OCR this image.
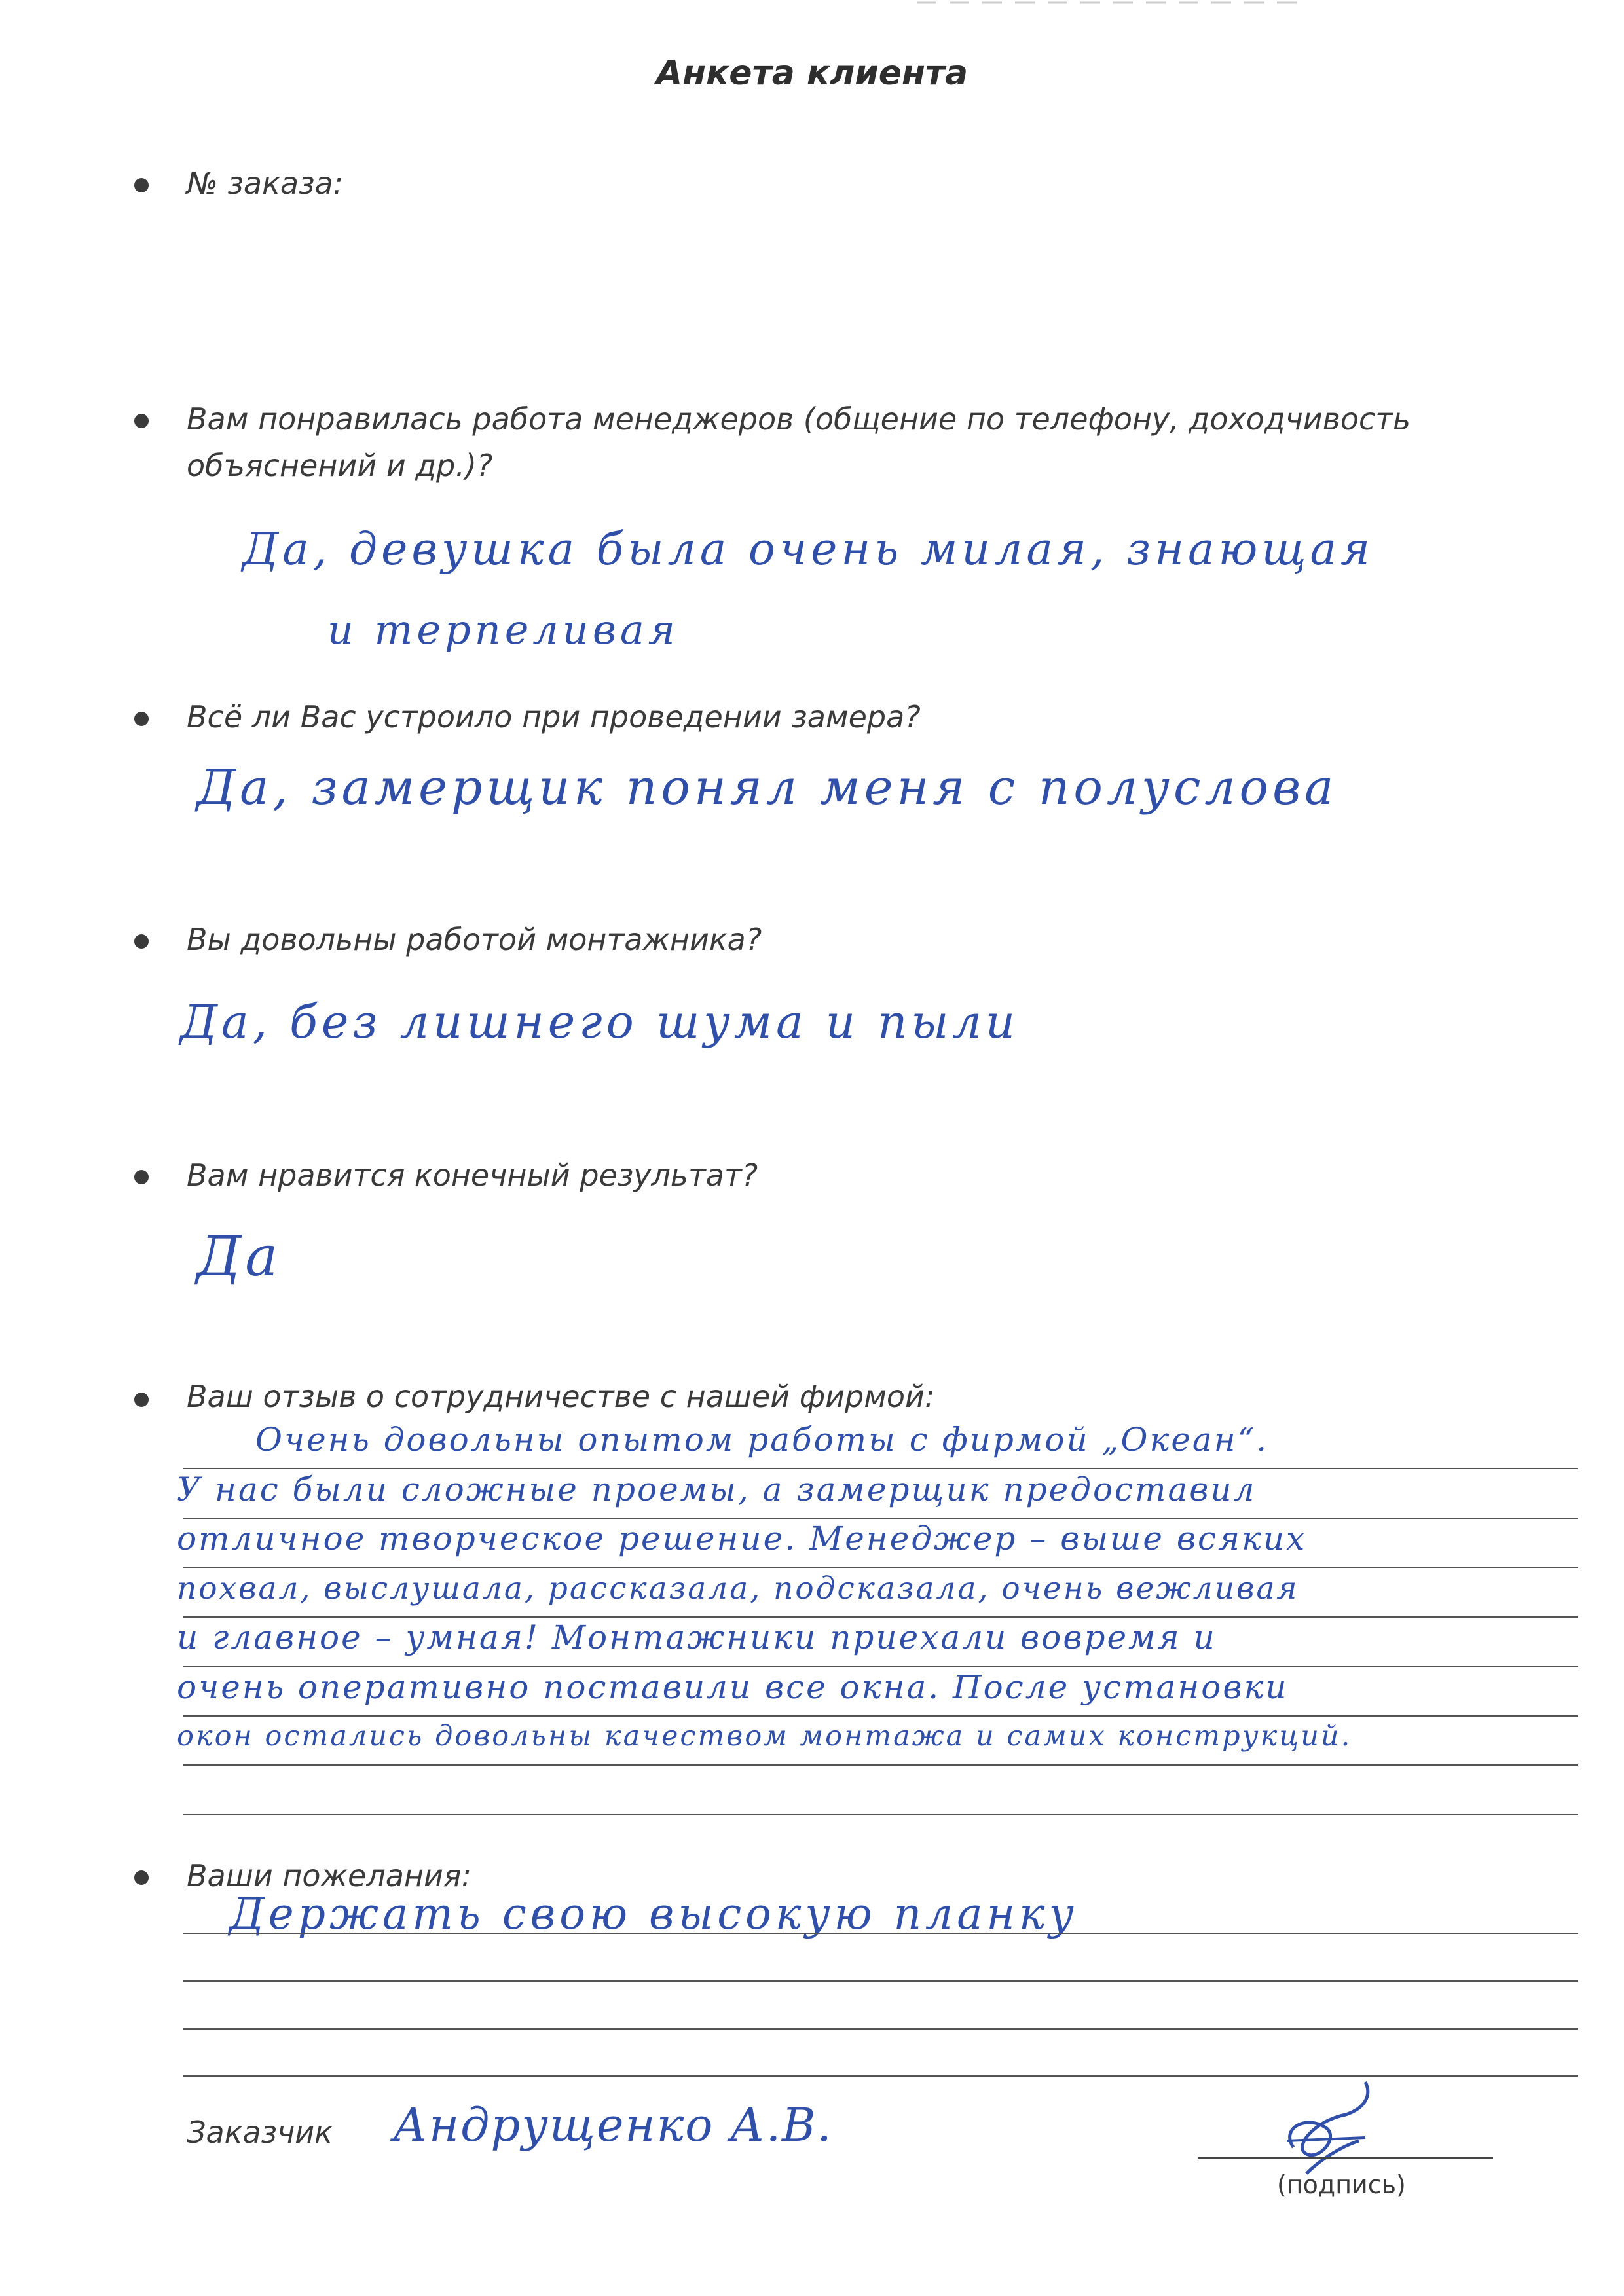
Анкета клиента
№ заказа:
Вам понравилась работа менеджеров (общение по телефону, доходчивость объяснений и др.)?
Да, девушка была очень милая, знающая
и терпеливая
Всё ли Вас устроило при проведении замера?
Да, замерщик понял меня с полуслова
Вы довольны работой монтажника?
Да, без лишнего шума и пыли
Вам нравится конечный результат?
Да
Ваш отзыв о сотрудничестве с нашей фирмой:
Очень довольны опытом работы с фирмой „Океан“.
У нас были сложные проемы, а замерщик предоставил
отличное творческое решение. Менеджер – выше всяких
похвал, выслушала, рассказала, подсказала, очень вежливая
и главное – умная! Монтажники приехали вовремя и
очень оперативно поставили все окна. После установки
окон остались довольны качеством монтажа и самих конструкций.
Ваши пожелания:
Держать свою высокую планку
Заказчик Андрущенко А.В.
(подпись)
